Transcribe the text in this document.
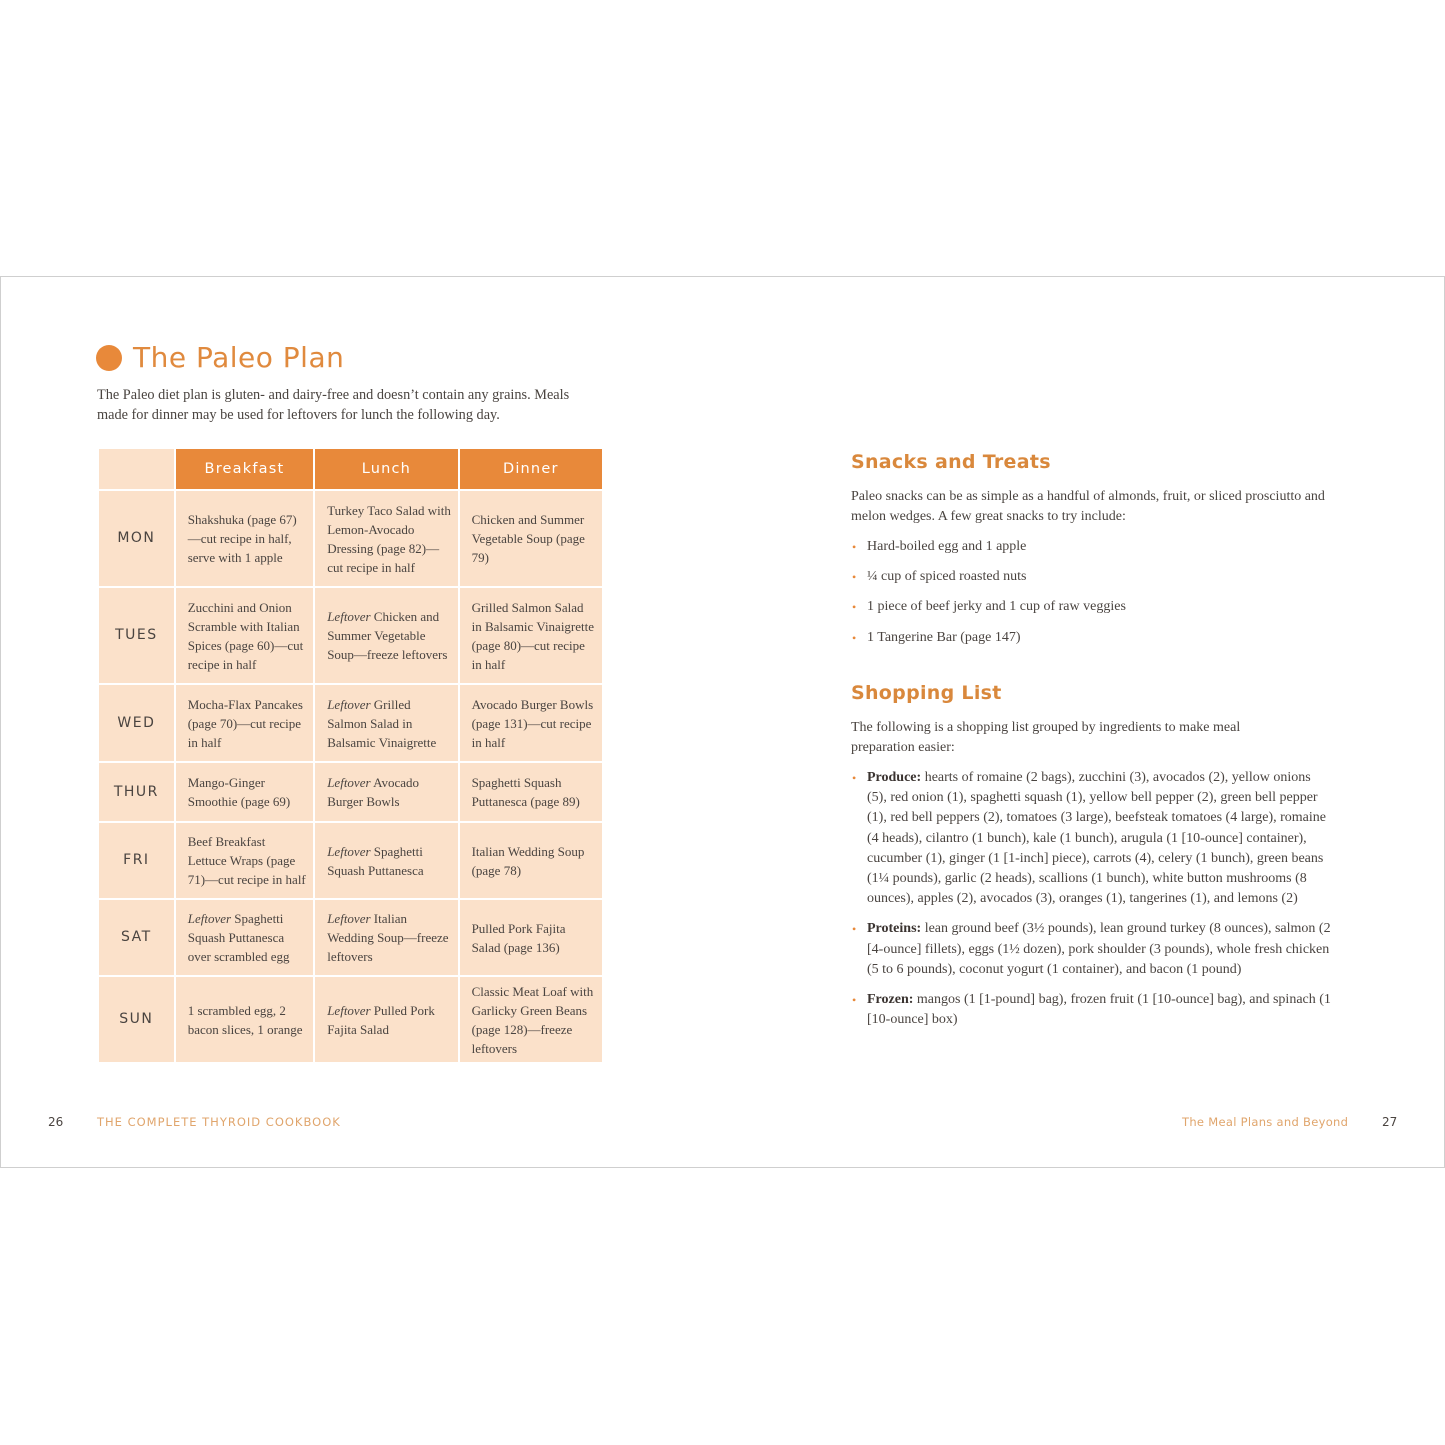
The Paleo Plan
The Paleo diet plan is gluten- and dairy-free and doesn’t contain any grains. Meals made for dinner may be used for leftovers for lunch the following day.
	Breakfast	Lunch	Dinner
MON	Shakshuka (page 67)—cut recipe in half, serve with 1 apple	Turkey Taco Salad with Lemon-Avocado Dressing (page 82)—cut recipe in half	Chicken and Summer Vegetable Soup (page 79)
TUES	Zucchini and Onion Scramble with Italian Spices (page 60)—cut recipe in half	Leftover Chicken and Summer Vegetable Soup—freeze leftovers	Grilled Salmon Salad in Balsamic Vinaigrette (page 80)—cut recipe in half
WED	Mocha-Flax Pancakes (page 70)—cut recipe in half	Leftover Grilled Salmon Salad in Balsamic Vinaigrette	Avocado Burger Bowls (page 131)—cut recipe in half
THUR	Mango-Ginger Smoothie (page 69)	Leftover Avocado Burger Bowls	Spaghetti Squash Puttanesca (page 89)
FRI	Beef Breakfast Lettuce Wraps (page 71)—cut recipe in half	Leftover Spaghetti Squash Puttanesca	Italian Wedding Soup (page 78)
SAT	Leftover Spaghetti Squash Puttanesca over scrambled egg	Leftover Italian Wedding Soup—freeze leftovers	Pulled Pork Fajita Salad (page 136)
SUN	1 scrambled egg, 2 bacon slices, 1 orange	Leftover Pulled Pork Fajita Salad	Classic Meat Loaf with Garlicky Green Beans (page 128)—freeze leftovers
26	THE COMPLETE THYROID COOKBOOK
Snacks and Treats
Paleo snacks can be as simple as a handful of almonds, fruit, or sliced prosciutto and melon wedges. A few great snacks to try include:
• Hard-boiled egg and 1 apple
• ¼ cup of spiced roasted nuts
• 1 piece of beef jerky and 1 cup of raw veggies
• 1 Tangerine Bar (page 147)
Shopping List
The following is a shopping list grouped by ingredients to make meal preparation easier:
• Produce: hearts of romaine (2 bags), zucchini (3), avocados (2), yellow onions (5), red onion (1), spaghetti squash (1), yellow bell pepper (2), green bell pepper (1), red bell peppers (2), tomatoes (3 large), beefsteak tomatoes (4 large), romaine (4 heads), cilantro (1 bunch), kale (1 bunch), arugula (1 [10-ounce] container), cucumber (1), ginger (1 [1-inch] piece), carrots (4), celery (1 bunch), green beans (1¼ pounds), garlic (2 heads), scallions (1 bunch), white button mushrooms (8 ounces), apples (2), avocados (3), oranges (1), tangerines (1), and lemons (2)
• Proteins: lean ground beef (3½ pounds), lean ground turkey (8 ounces), salmon (2 [4-ounce] fillets), eggs (1½ dozen), pork shoulder (3 pounds), whole fresh chicken (5 to 6 pounds), coconut yogurt (1 container), and bacon (1 pound)
• Frozen: mangos (1 [1-pound] bag), frozen fruit (1 [10-ounce] bag), and spinach (1 [10-ounce] box)
The Meal Plans and Beyond	27
